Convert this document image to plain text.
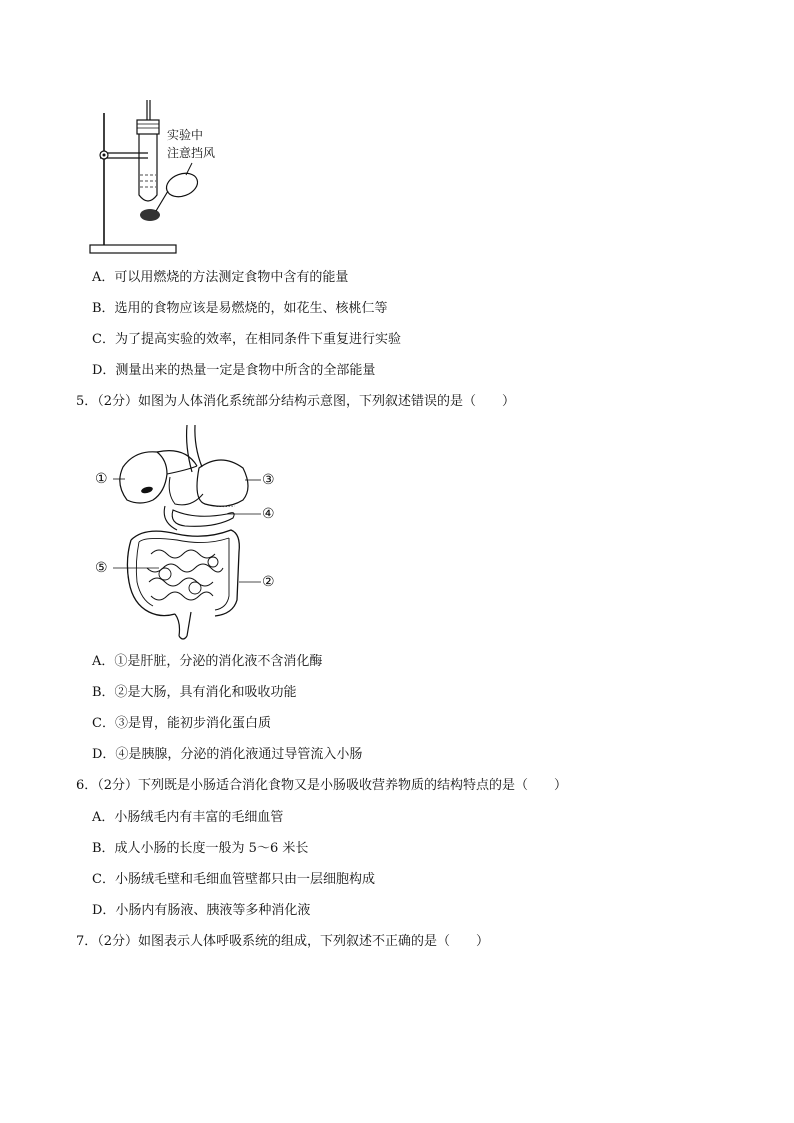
实验中
注意挡风
A．可以用燃烧的方法测定食物中含有的能量
B．选用的食物应该是易燃烧的，如花生、核桃仁等
C．为了提高实验的效率，在相同条件下重复进行实验
D．测量出来的热量一定是食物中所含的全部能量
5．（2分）如图为人体消化系统部分结构示意图，下列叙述错误的是（　　）
①	③
④
⑤
②
A．①是肝脏，分泌的消化液不含消化酶
B．②是大肠，具有消化和吸收功能
C．③是胃，能初步消化蛋白质
D．④是胰腺，分泌的消化液通过导管流入小肠
6．（2分）下列既是小肠适合消化食物又是小肠吸收营养物质的结构特点的是（　　）
A．小肠绒毛内有丰富的毛细血管
B．成人小肠的长度一般为 5～6 米长
C．小肠绒毛壁和毛细血管壁都只由一层细胞构成
D．小肠内有肠液、胰液等多种消化液
7．（2分）如图表示人体呼吸系统的组成，下列叙述不正确的是（　　）
